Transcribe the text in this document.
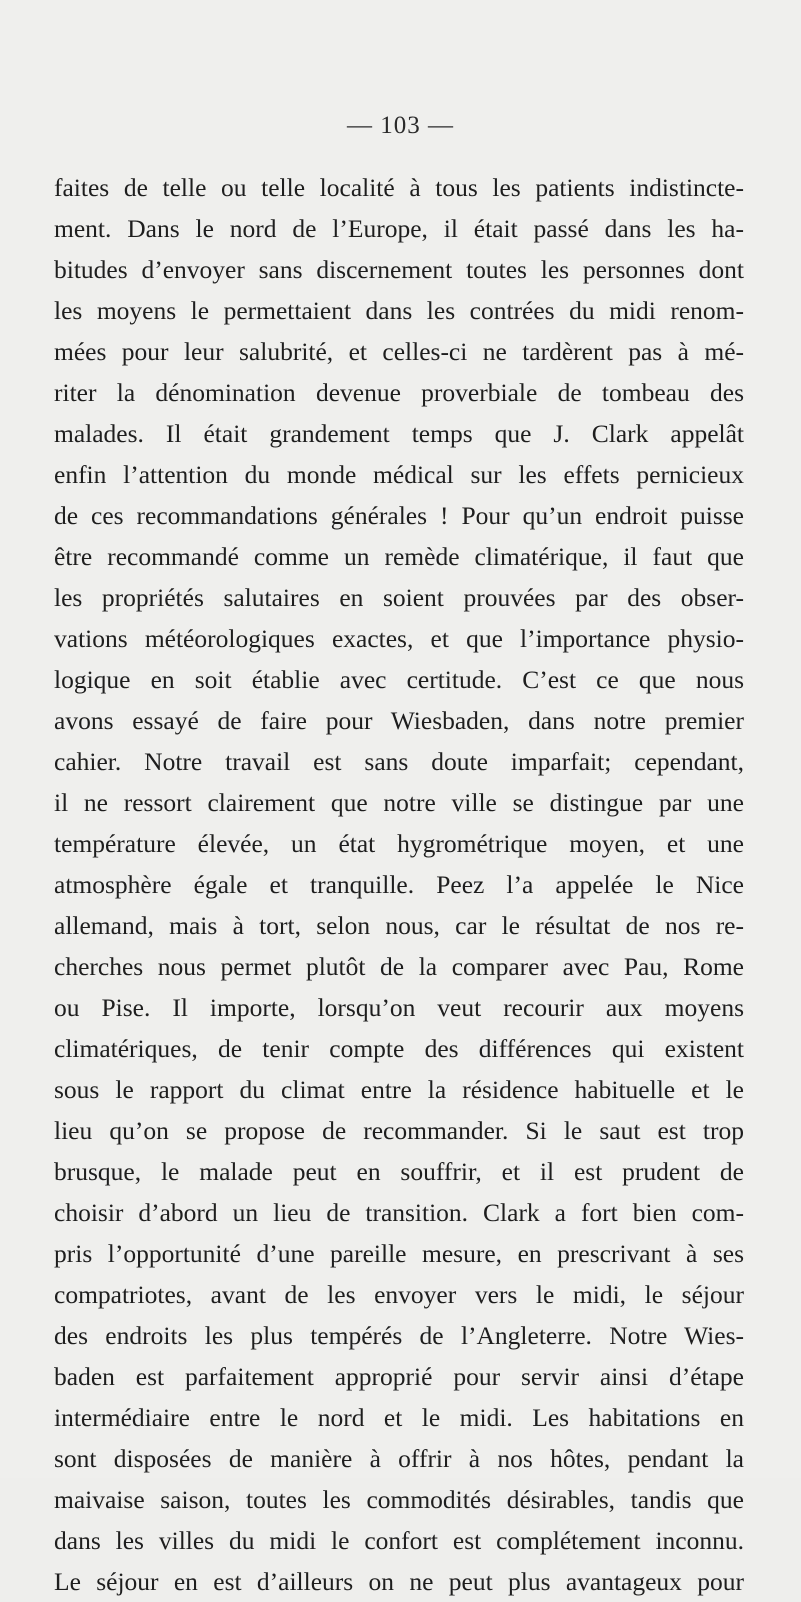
— 103 —
faites de telle ou telle localité à tous les patients indistincte-
ment. Dans le nord de l’Europe, il était passé dans les ha-
bitudes d’envoyer sans discernement toutes les personnes dont
les moyens le permettaient dans les contrées du midi renom-
mées pour leur salubrité, et celles-ci ne tardèrent pas à mé-
riter la dénomination devenue proverbiale de tombeau des
malades. Il était grandement temps que J. Clark appelât
enfin l’attention du monde médical sur les effets pernicieux
de ces recommandations générales ! Pour qu’un endroit puisse
être recommandé comme un remède climatérique, il faut que
les propriétés salutaires en soient prouvées par des obser-
vations météorologiques exactes, et que l’importance physio-
logique en soit établie avec certitude. C’est ce que nous
avons essayé de faire pour Wiesbaden, dans notre premier
cahier. Notre travail est sans doute imparfait; cependant,
il ne ressort clairement que notre ville se distingue par une
température élevée, un état hygrométrique moyen, et une
atmosphère égale et tranquille. Peez l’a appelée le Nice
allemand, mais à tort, selon nous, car le résultat de nos re-
cherches nous permet plutôt de la comparer avec Pau, Rome
ou Pise. Il importe, lorsqu’on veut recourir aux moyens
climatériques, de tenir compte des différences qui existent
sous le rapport du climat entre la résidence habituelle et le
lieu qu’on se propose de recommander. Si le saut est trop
brusque, le malade peut en souffrir, et il est prudent de
choisir d’abord un lieu de transition. Clark a fort bien com-
pris l’opportunité d’une pareille mesure, en prescrivant à ses
compatriotes, avant de les envoyer vers le midi, le séjour
des endroits les plus tempérés de l’Angleterre. Notre Wies-
baden est parfaitement approprié pour servir ainsi d’étape
intermédiaire entre le nord et le midi. Les habitations en
sont disposées de manière à offrir à nos hôtes, pendant la
maivaise saison, toutes les commodités désirables, tandis que
dans les villes du midi le confort est complétement inconnu.
Le séjour en est d’ailleurs on ne peut plus avantageux pour
